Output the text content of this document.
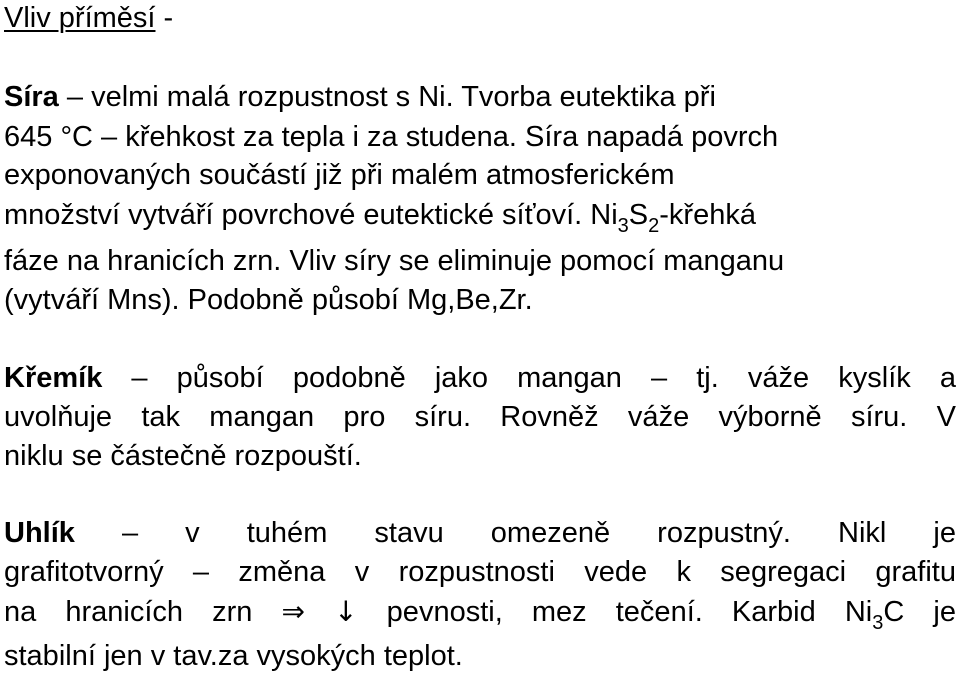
Vliv příměsí -
Síra – velmi malá rozpustnost s Ni. Tvorba eutektika při
645 °C – křehkost za tepla i za studena. Síra napadá povrch
exponovaných součástí již při malém atmosferickém
množství vytváří povrchové eutektické síťoví. $Ni_3S_2$-křehká
fáze na hranicích zrn. Vliv síry se eliminuje pomocí manganu
(vytváří Mns). Podobně působí Mg,Be,Zr.
Křemík – působí podobně jako mangan – tj. váže kyslík a
uvolňuje tak mangan pro síru. Rovněž váže výborně síru. V
niklu se částečně rozpouští.
Uhlík – v tuhém stavu omezeně rozpustný. Nikl je
grafitotvorný – změna v rozpustnosti vede k segregaci grafitu
na hranicích zrn ⇒ ↓ pevnosti, mez tečení. Karbid $Ni_3C$ je
stabilní jen v tav.za vysokých teplot.
